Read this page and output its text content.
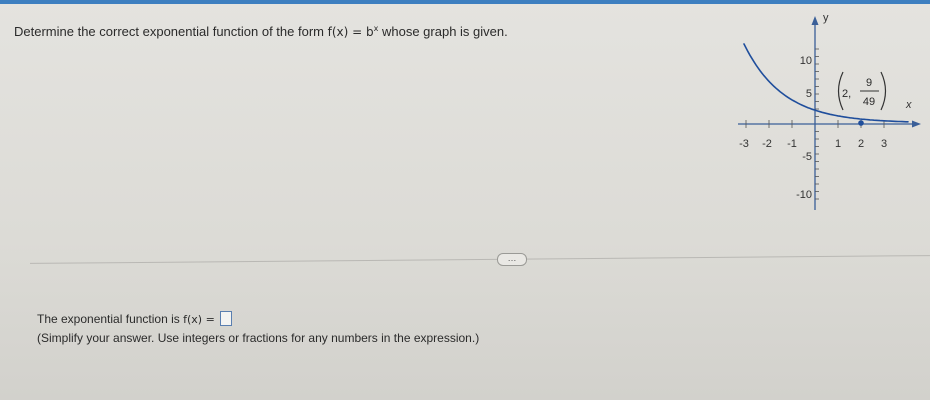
Determine the correct exponential function of the form $f(x) = b^x$ whose graph is given.
y
x
-3 -2 -1	1 2 3
5
10
-5
-10
2,
9
49
…
The exponential function is f(x) =
(Simplify your answer. Use integers or fractions for any numbers in the expression.)
